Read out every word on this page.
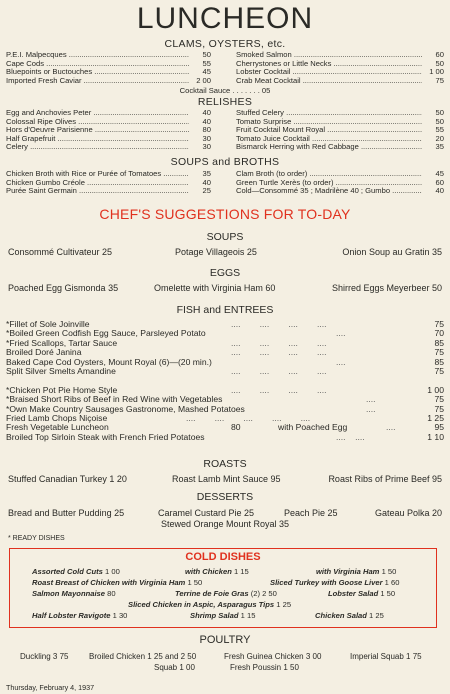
LUNCHEON
CLAMS, OYSTERS, etc.
P.E.I. Malpecques .....	50
Cape Cods .....	55
Bluepoints or Buctouches .....	45
Imported Fresh Caviar .....	2 00
Smoked Salmon .....	60
Cherrystones or Little Necks .....	50
Lobster Cocktail .....	1 00
Crab Meat Cocktail .....	75
Cocktail Sauce . . . . . . . 05
RELISHES
Egg and Anchovies Peter .....	40
Colossal Ripe Olives .....	40
Hors d'Oeuvre Parisienne .....	80
Half Grapefruit .....	30
Celery .....	30
Stuffed Celery .....	50
Tomato Surprise .....	50
Fruit Cocktail Mount Royal .....	55
Tomato Juice Cocktail .....	20
Bismarck Herring with Red Cabbage .....	35
SOUPS and BROTHS
Chicken Broth with Rice or Purée of Tomatoes .....	35
Chicken Gumbo Créole .....	40
Purée Saint Germain .....	25
Clam Broth (to order) .....	45
Green Turtle Xerès (to order) .....	60
Cold—Consommé 35 ; Madrilène 40 ; Gumbo .....	40
CHEF'S SUGGESTIONS FOR TO-DAY
SOUPS
Consommé Cultivateur 25	Potage Villageois 25	Onion Soup au Gratin 35
EGGS
Poached Egg Gismonda 35	Omelette with Virginia Ham 60	Shirred Eggs Meyerbeer 50
FISH and ENTREES
*Fillet of Sole Joinville	....        ....        ....        ....	75
*Boiled Green Codfish Egg Sauce, Parsleyed Potato	....	70
*Fried Scallops, Tartar Sauce	....        ....        ....        ....	85
Broiled Doré Janina	....        ....        ....        ....	75
Baked Cape Cod Oysters, Mount Royal (6)—(20 min.)	....	85
Split Silver Smelts Amandine	....        ....        ....        ....	75
*Chicken Pot Pie Home Style	....        ....        ....        ....	1 00
*Braised Short Ribs of Beef in Red Wine with Vegetables	....	75
*Own Make Country Sausages Gastronome, Mashed Potatoes	....	75
Fried Lamb Chops Niçoise	....        ....        ....        ....        ....	1 25
Fresh Vegetable Luncheon	80	with Poached Egg	....	95
Broiled Top Sirloin Steak with French Fried Potatoes	....    ....	1 10
ROASTS
Stuffed Canadian Turkey 1 20	Roast Lamb Mint Sauce 95	Roast Ribs of Prime Beef 95
DESSERTS
Bread and Butter Pudding 25	Caramel Custard Pie 25	Peach Pie 25	Gateau Polka 20
Stewed Orange Mount Royal 35
* READY DISHES
COLD DISHES
Assorted Cold Cuts 1 00	with Chicken 1 15	with Virginia Ham 1 50
Roast Breast of Chicken with Virginia Ham 1 50	Sliced Turkey with Goose Liver 1 60
Salmon Mayonnaise 80	Terrine de Foie Gras (2) 2 50	Lobster Salad 1 50
Sliced Chicken in Aspic, Asparagus Tips 1 25
Half Lobster Ravigote 1 30	Shrimp Salad 1 15	Chicken Salad 1 25
POULTRY
Duckling 3 75	Broiled Chicken 1 25 and 2 50	Fresh Guinea Chicken 3 00	Imperial Squab 1 75
Squab 1 00	Fresh Poussin 1 50
Thursday, February 4, 1937
